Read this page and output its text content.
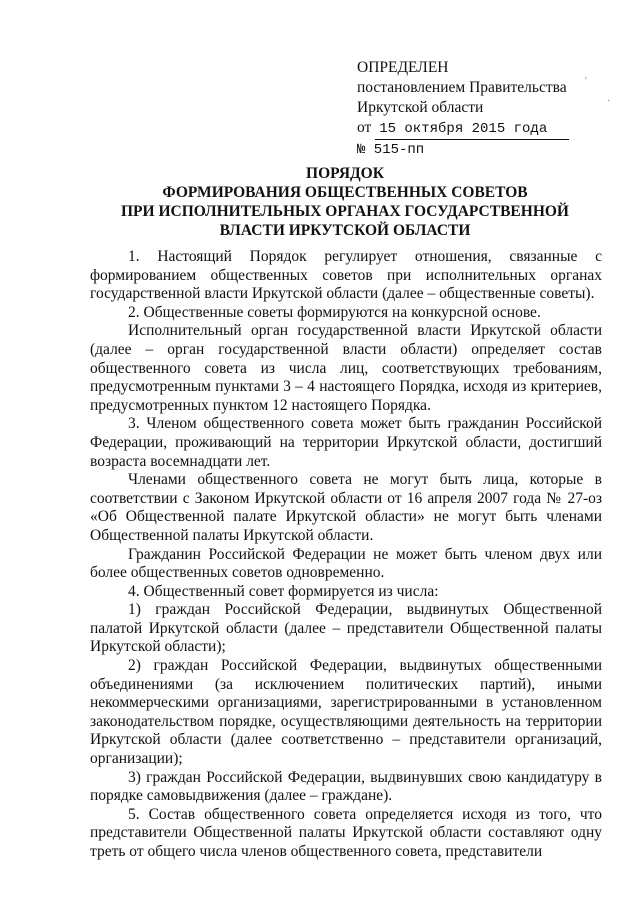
ОПРЕДЕЛЕН
постановлением Правительства
Иркутской области
от 15 октября 2015 года
№ 515-пп
'
·
ПОРЯДОК
ФОРМИРОВАНИЯ ОБЩЕСТВЕННЫХ СОВЕТОВ
ПРИ ИСПОЛНИТЕЛЬНЫХ ОРГАНАХ ГОСУДАРСТВЕННОЙ
ВЛАСТИ ИРКУТСКОЙ ОБЛАСТИ

1. Настоящий Порядок регулирует отношения, связанные с формированием общественных советов при исполнительных органах государственной власти Иркутской области (далее – общественные советы).

2. Общественные советы формируются на конкурсной основе.

Исполнительный орган государственной власти Иркутской области (далее – орган государственной власти области) определяет состав общественного совета из числа лиц, соответствующих требованиям, предусмотренным пунктами 3 – 4 настоящего Порядка, исходя из критериев, предусмотренных пунктом 12 настоящего Порядка.

3. Членом общественного совета может быть гражданин Российской Федерации, проживающий на территории Иркутской области, достигший возраста восемнадцати лет.

Членами общественного совета не могут быть лица, которые в соответствии с Законом Иркутской области от 16 апреля 2007 года № 27-оз «Об Общественной палате Иркутской области» не могут быть членами Общественной палаты Иркутской области.

Гражданин Российской Федерации не может быть членом двух или более общественных советов одновременно.

4. Общественный совет формируется из числа:

1) граждан Российской Федерации, выдвинутых Общественной палатой Иркутской области (далее – представители Общественной палаты Иркутской области);

2) граждан Российской Федерации, выдвинутых общественными объединениями (за исключением политических партий), иными некоммерческими организациями, зарегистрированными в установленном законодательством порядке, осуществляющими деятельность на территории Иркутской области (далее соответственно – представители организаций, организации);

3) граждан Российской Федерации, выдвинувших свою кандидатуру в порядке самовыдвижения (далее – граждане).

5. Состав общественного совета определяется исходя из того, что представители Общественной палаты Иркутской области составляют одну треть от общего числа членов общественного совета, представители
